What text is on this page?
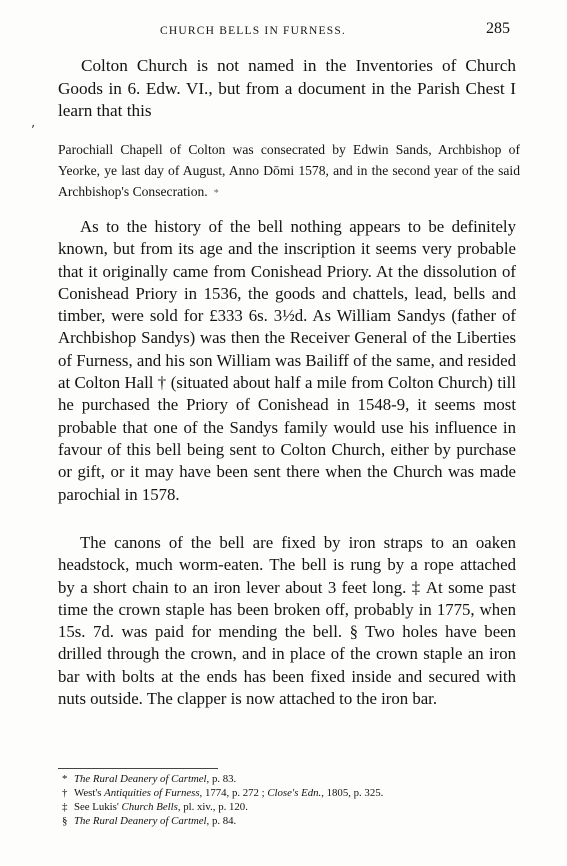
CHURCH BELLS IN FURNESS.	285
Colton Church is not named in the Inventories of Church Goods in 6. Edw. VI., but from a document in the Parish Chest I learn that this
’
Parochiall Chapell of Colton was consecrated by Edwin Sands, Archbishop of Yeorke, ye last day of August, Anno Dōmi 1578, and in the second year of the said Archbishop's Consecration. *
As to the history of the bell nothing appears to be definitely known, but from its age and the inscription it seems very probable that it originally came from Conishead Priory. At the dissolution of Conishead Priory in 1536, the goods and chattels, lead, bells and timber, were sold for £333 6s. 3½d. As William Sandys (father of Archbishop Sandys) was then the Receiver General of the Liberties of Furness, and his son William was Bailiff of the same, and resided at Colton Hall † (situated about half a mile from Colton Church) till he purchased the Priory of Conishead in 1548-9, it seems most probable that one of the Sandys family would use his influence in favour of this bell being sent to Colton Church, either by purchase or gift, or it may have been sent there when the Church was made parochial in 1578.
The canons of the bell are fixed by iron straps to an oaken headstock, much worm-eaten. The bell is rung by a rope attached by a short chain to an iron lever about 3 feet long. ‡ At some past time the crown staple has been broken off, probably in 1775, when 15s. 7d. was paid for mending the bell. § Two holes have been drilled through the crown, and in place of the crown staple an iron bar with bolts at the ends has been fixed inside and secured with nuts outside. The clapper is now attached to the iron bar.
* The Rural Deanery of Cartmel, p. 83.
† West's Antiquities of Furness, 1774, p. 272 ; Close's Edn., 1805, p. 325.
‡ See Lukis' Church Bells, pl. xiv., p. 120.
§ The Rural Deanery of Cartmel, p. 84.
